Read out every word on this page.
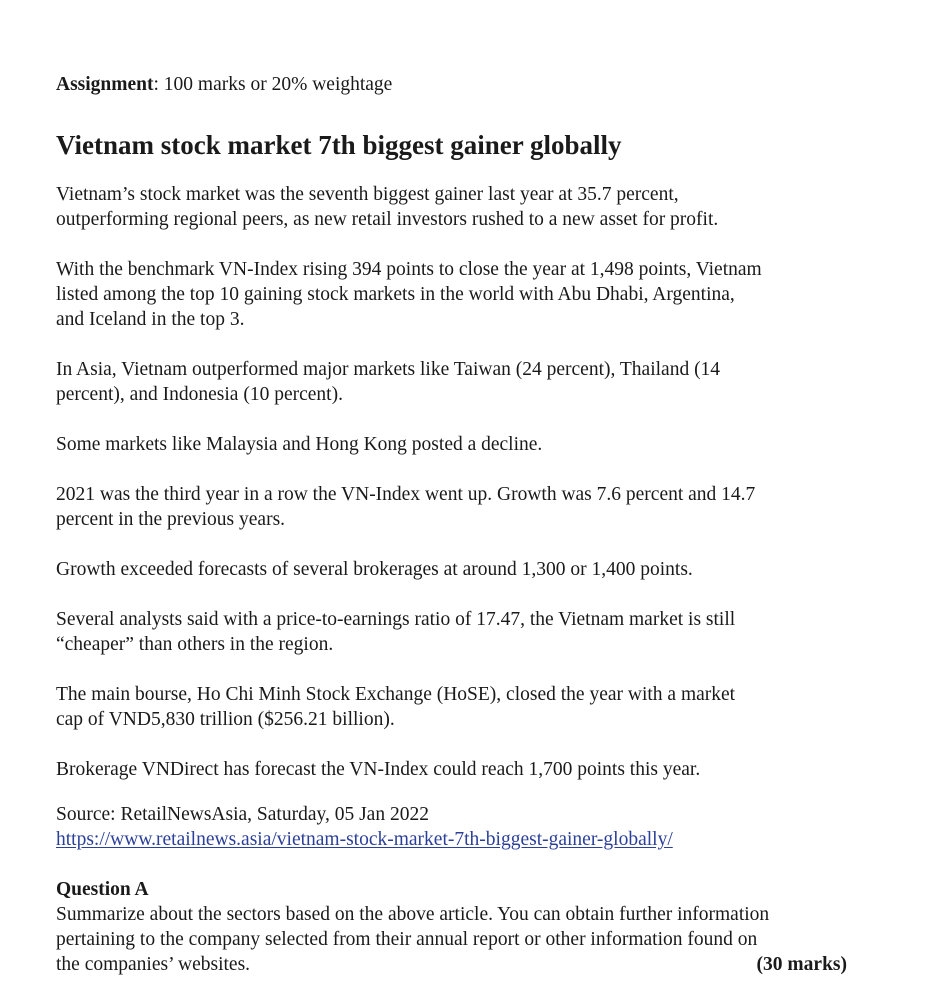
Assignment: 100 marks or 20% weightage
Vietnam stock market 7th biggest gainer globally

Vietnam’s stock market was the seventh biggest gainer last year at 35.7 percent,
outperforming regional peers, as new retail investors rushed to a new asset for profit.

With the benchmark VN-Index rising 394 points to close the year at 1,498 points, Vietnam
listed among the top 10 gaining stock markets in the world with Abu Dhabi, Argentina,
and Iceland in the top 3.

In Asia, Vietnam outperformed major markets like Taiwan (24 percent), Thailand (14
percent), and Indonesia (10 percent).

Some markets like Malaysia and Hong Kong posted a decline.

2021 was the third year in a row the VN-Index went up. Growth was 7.6 percent and 14.7
percent in the previous years.

Growth exceeded forecasts of several brokerages at around 1,300 or 1,400 points.

Several analysts said with a price-to-earnings ratio of 17.47, the Vietnam market is still
“cheaper” than others in the region.

The main bourse, Ho Chi Minh Stock Exchange (HoSE), closed the year with a market
cap of VND5,830 trillion ($256.21 billion).

Brokerage VNDirect has forecast the VN-Index could reach 1,700 points this year.

Source: RetailNewsAsia, Saturday, 05 Jan 2022
https://www.retailnews.asia/vietnam-stock-market-7th-biggest-gainer-globally/

Question A
Summarize about the sectors based on the above article. You can obtain further information
pertaining to the company selected from their annual report or other information found on
the companies’ websites.	(30 marks)
